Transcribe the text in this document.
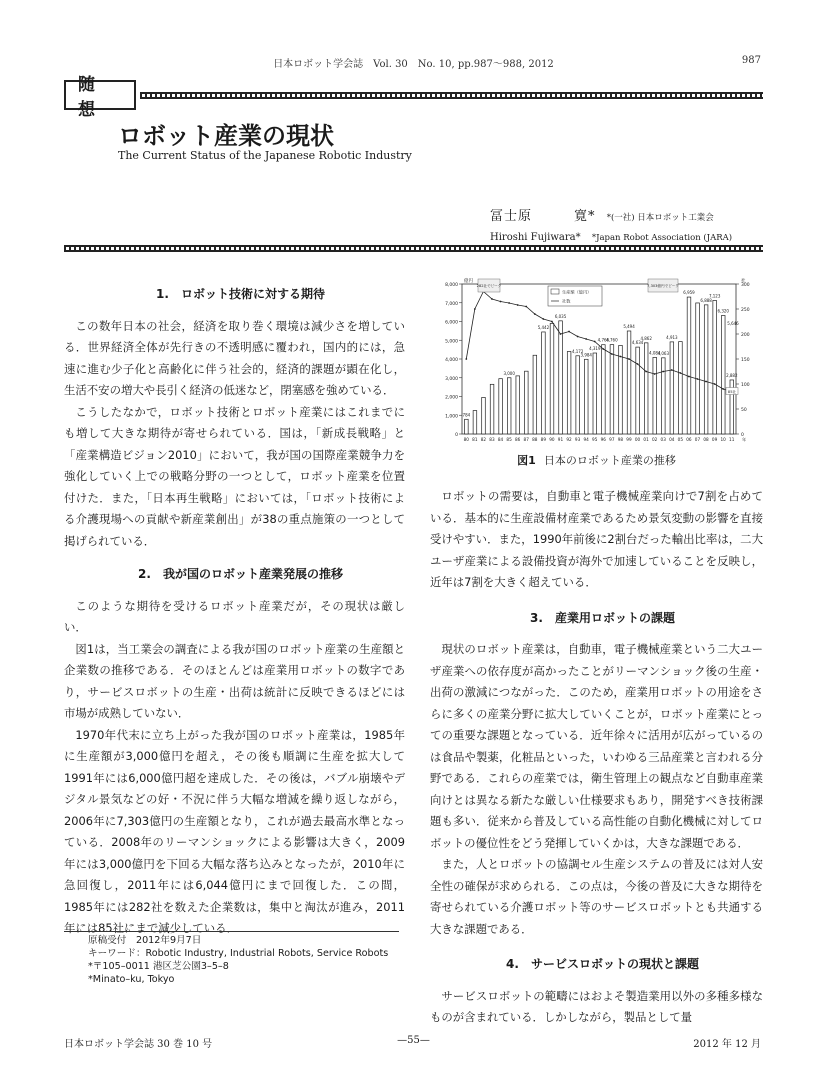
日本ロボット学会誌　Vol. 30　No. 10, pp.987～988, 2012	987
随想
ロボット産業の現状
The Current Status of the Japanese Robotic Industry
冨士原　　　寛* *(一社) 日本ロボット工業会
Hiroshi Fujiwara* *Japan Robot Association (JARA)

1.　ロボット技術に対する期待

この数年日本の社会，経済を取り巻く環境は減少さを増している．世界経済全体が先行きの不透明感に覆われ，国内的には，急速に進む少子化と高齢化に伴う社会的，経済的課題が顕在化し，生活不安の増大や長引く経済の低迷など，閉塞感を強めている．

こうしたなかで，ロボット技術とロボット産業にはこれまでにも増して大きな期待が寄せられている．国は，「新成長戦略」と「産業構造ビジョン2010」において，我が国の国際産業競争力を強化していく上での戦略分野の一つとして，ロボット産業を位置付けた．また，「日本再生戦略」においては，「ロボット技術による介護現場への貢献や新産業創出」が38の重点施策の一つとして掲げられている．

2.　我が国のロボット産業発展の推移

このような期待を受けるロボット産業だが，その現状は厳しい．

図1は，当工業会の調査による我が国のロボット産業の生産額と企業数の推移である．そのほとんどは産業用ロボットの数字であり，サービスロボットの生産・出荷は統計に反映できるほどには市場が成熟していない．

1970年代末に立ち上がった我が国のロボット産業は，1985年に生産額が3,000億円を超え，その後も順調に生産を拡大して1991年には6,000億円超を達成した．その後は，バブル崩壊やデジタル景気などの好・不況に伴う大幅な増減を繰り返しながら，2006年に7,303億円の生産額となり，これが過去最高水準となっている．2008年のリーマンショックによる影響は大きく，2009年には3,000億円を下回る大幅な落ち込みとなったが，2010年に急回復し，2011年には6,044億円にまで回復した．この間，1985年には282社を数えた企業数は，集中と淘汰が進み，2011年には85社にまで減少している．

原稿受付　2012年9月7日
キーワード：Robotic Industry, Industrial Robots, Service Robots
*〒105–0011 港区芝公園3–5–8
*Minato–ku, Tokyo
0
1,000
2,000
3,000
4,000
5,000
6,000
7,000
8,000
億円
0
50
100
150
200
250
300
社
784
3,000
5,442
6,035
4,172
3,984
4,319
4,766
4,760
5,494
4,634
4,862
4,084
4,063
4,913
6,959
6,888
7,123
6,320
2,882
80 81 82 83 84 85 86 87 88 89 90 91 92 93 94 95 96 97 98 99 00 01 02 03 04 05 06 07 08 09 10 11 年
生産額（億円）
社数
282社でピーク	7,303億円でピーク
5,646
85社
図1 日本のロボット産業の推移

ロボットの需要は，自動車と電子機械産業向けで7割を占めている．基本的に生産設備材産業であるため景気変動の影響を直接受けやすい．また，1990年前後に2割台だった輸出比率は，二大ユーザ産業による設備投資が海外で加速していることを反映し，近年は7割を大きく超えている．

3.　産業用ロボットの課題

現状のロボット産業は，自動車，電子機械産業という二大ユーザ産業への依存度が高かったことがリーマンショック後の生産・出荷の激減につながった．このため，産業用ロボットの用途をさらに多くの産業分野に拡大していくことが，ロボット産業にとっての重要な課題となっている．近年徐々に活用が広がっているのは食品や製薬，化粧品といった，いわゆる三品産業と言われる分野である．これらの産業では，衛生管理上の観点など自動車産業向けとは異なる新たな厳しい仕様要求もあり，開発すべき技術課題も多い．従来から普及している高性能の自動化機械に対してロボットの優位性をどう発揮していくかは，大きな課題である．

また，人とロボットの協調セル生産システムの普及には対人安全性の確保が求められる．この点は，今後の普及に大きな期待を寄せられている介護ロボット等のサービスロボットとも共通する大きな課題である．

4.　サービスロボットの現状と課題

サービスロボットの範疇にはおよそ製造業用以外の多種多様なものが含まれている．しかしながら，製品として量

日本ロボット学会誌 30 巻 10 号	—55—	2012 年 12 月
